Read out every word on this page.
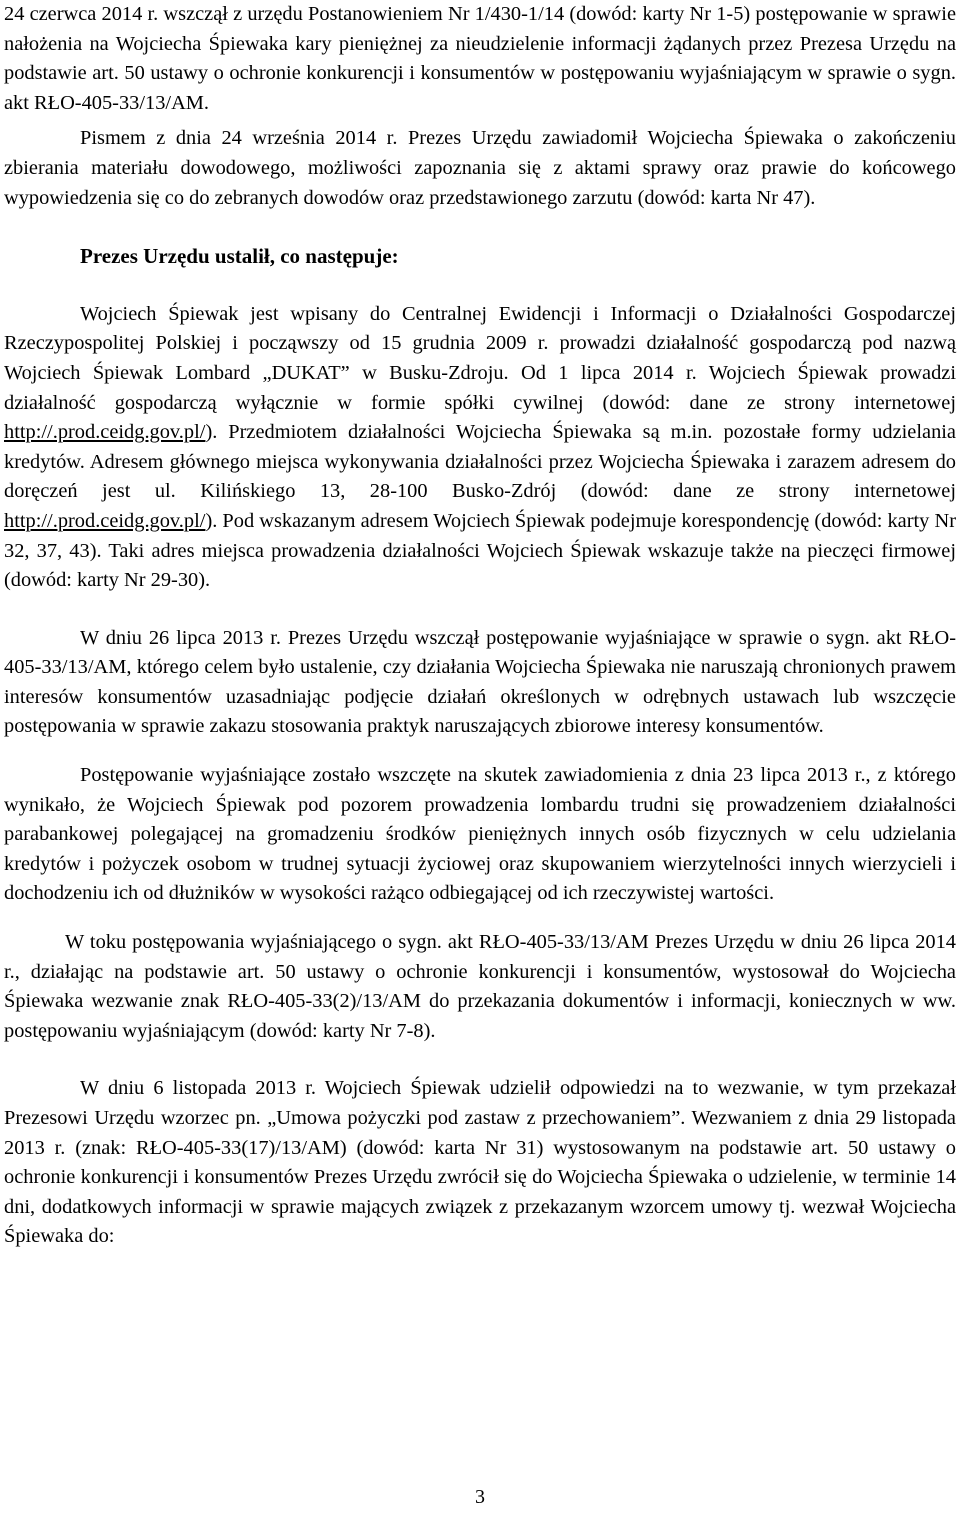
24 czerwca 2014 r. wszczął z urzędu Postanowieniem Nr 1/430-1/14 (dowód: karty Nr 1-5) postępowanie w sprawie nałożenia na Wojciecha Śpiewaka kary pieniężnej za nieudzielenie informacji żądanych przez Prezesa Urzędu na podstawie art. 50 ustawy o ochronie konkurencji i konsumentów w postępowaniu wyjaśniającym w sprawie o sygn. akt RŁO-405-33/13/AM.

Pismem z dnia 24 września 2014 r. Prezes Urzędu zawiadomił Wojciecha Śpiewaka o zakończeniu zbierania materiału dowodowego, możliwości zapoznania się z aktami sprawy oraz prawie do końcowego wypowiedzenia się co do zebranych dowodów oraz przedstawionego zarzutu (dowód: karta Nr 47).

Prezes Urzędu ustalił, co następuje:

Wojciech Śpiewak jest wpisany do Centralnej Ewidencji i Informacji o Działalności Gospodarczej Rzeczypospolitej Polskiej i począwszy od 15 grudnia 2009 r. prowadzi działalność gospodarczą pod nazwą Wojciech Śpiewak Lombard „DUKAT” w Busku-Zdroju. Od 1 lipca 2014 r. Wojciech Śpiewak prowadzi działalność gospodarczą wyłącznie w formie spółki cywilnej (dowód: dane ze strony internetowej http://.prod.ceidg.gov.pl/). Przedmiotem działalności Wojciecha Śpiewaka są m.in. pozostałe formy udzielania kredytów. Adresem głównego miejsca wykonywania działalności przez Wojciecha Śpiewaka i zarazem adresem do doręczeń jest ul. Kilińskiego 13, 28-100 Busko-Zdrój (dowód: dane ze strony internetowej http://.prod.ceidg.gov.pl/). Pod wskazanym adresem Wojciech Śpiewak podejmuje korespondencję (dowód: karty Nr 32, 37, 43). Taki adres miejsca prowadzenia działalności Wojciech Śpiewak wskazuje także na pieczęci firmowej (dowód: karty Nr 29-30).

W dniu 26 lipca 2013 r. Prezes Urzędu wszczął postępowanie wyjaśniające w sprawie o sygn. akt RŁO-405-33/13/AM, którego celem było ustalenie, czy działania Wojciecha Śpiewaka nie naruszają chronionych prawem interesów konsumentów uzasadniając podjęcie działań określonych w odrębnych ustawach lub wszczęcie postępowania w sprawie zakazu stosowania praktyk naruszających zbiorowe interesy konsumentów.

Postępowanie wyjaśniające zostało wszczęte na skutek zawiadomienia z dnia 23 lipca 2013 r., z którego wynikało, że Wojciech Śpiewak pod pozorem prowadzenia lombardu trudni się prowadzeniem działalności parabankowej polegającej na gromadzeniu środków pieniężnych innych osób fizycznych w celu udzielania kredytów i pożyczek osobom w trudnej sytuacji życiowej oraz skupowaniem wierzytelności innych wierzycieli i dochodzeniu ich od dłużników w wysokości rażąco odbiegającej od ich rzeczywistej wartości.

W toku postępowania wyjaśniającego o sygn. akt RŁO-405-33/13/AM Prezes Urzędu w dniu 26 lipca 2014 r., działając na podstawie art. 50 ustawy o ochronie konkurencji i konsumentów, wystosował do Wojciecha Śpiewaka wezwanie znak RŁO-405-33(2)/13/AM do przekazania dokumentów i informacji, koniecznych w ww. postępowaniu wyjaśniającym (dowód: karty Nr 7-8).

W dniu 6 listopada 2013 r. Wojciech Śpiewak udzielił odpowiedzi na to wezwanie, w tym przekazał Prezesowi Urzędu wzorzec pn. „Umowa pożyczki pod zastaw z przechowaniem”. Wezwaniem z dnia 29 listopada 2013 r. (znak: RŁO-405-33(17)/13/AM) (dowód: karta Nr 31) wystosowanym na podstawie art. 50 ustawy o ochronie konkurencji i konsumentów Prezes Urzędu zwrócił się do Wojciecha Śpiewaka o udzielenie, w terminie 14 dni, dodatkowych informacji w sprawie mających związek z przekazanym wzorcem umowy tj. wezwał Wojciecha Śpiewaka do:

3
